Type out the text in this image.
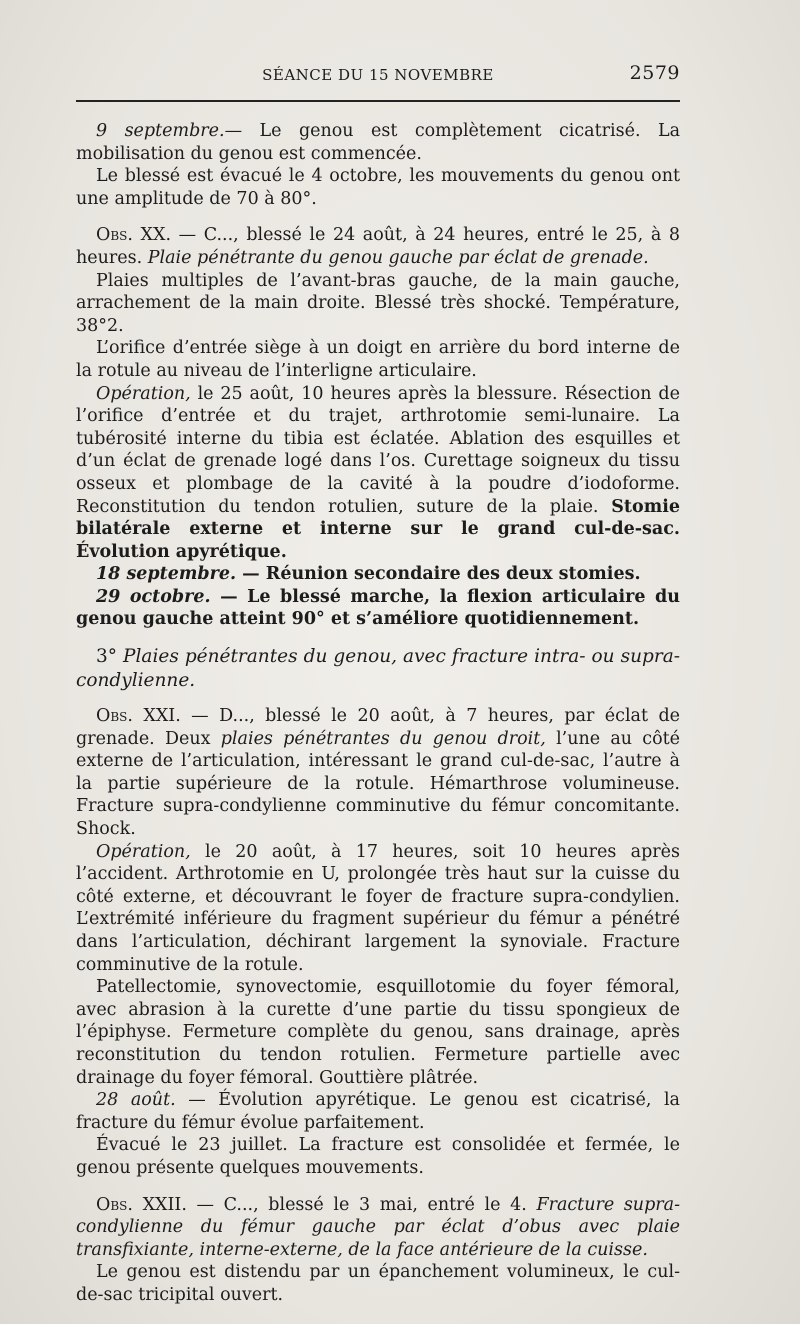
SÉANCE DU 15 NOVEMBRE	2579

9 septembre.— Le genou est complètement cicatrisé. La mobilisation du genou est commencée.

Le blessé est évacué le 4 octobre, les mouvements du genou ont une amplitude de 70 à 80°.

Obs. XX. — C..., blessé le 24 août, à 24 heures, entré le 25, à 8 heures. Plaie pénétrante du genou gauche par éclat de grenade.

Plaies multiples de l’avant-bras gauche, de la main gauche, arrachement de la main droite. Blessé très shocké. Température, 38°2.

L’orifice d’entrée siège à un doigt en arrière du bord interne de la rotule au niveau de l’interligne articulaire.

Opération, le 25 août, 10 heures après la blessure. Résection de l’orifice d’entrée et du trajet, arthrotomie semi-lunaire. La tubérosité interne du tibia est éclatée. Ablation des esquilles et d’un éclat de grenade logé dans l’os. Curettage soigneux du tissu osseux et plombage de la cavité à la poudre d’iodoforme. Reconstitution du tendon rotulien, suture de la plaie. Stomie bilatérale externe et interne sur le grand cul-de-sac. Évolution apyrétique.

18 septembre. — Réunion secondaire des deux stomies.

29 octobre. — Le blessé marche, la flexion articulaire du genou gauche atteint 90° et s’améliore quotidiennement.

3° Plaies pénétrantes du genou, avec fracture intra- ou supra-condylienne.

Obs. XXI. — D..., blessé le 20 août, à 7 heures, par éclat de grenade. Deux plaies pénétrantes du genou droit, l’une au côté externe de l’articulation, intéressant le grand cul-de-sac, l’autre à la partie supérieure de la rotule. Hémarthrose volumineuse. Fracture supra-condylienne comminutive du fémur concomitante. Shock.

Opération, le 20 août, à 17 heures, soit 10 heures après l’accident. Arthrotomie en U, prolongée très haut sur la cuisse du côté externe, et découvrant le foyer de fracture supra-condylien. L’extrémité inférieure du fragment supérieur du fémur a pénétré dans l’articulation, déchirant largement la synoviale. Fracture comminutive de la rotule.

Patellectomie, synovectomie, esquillotomie du foyer fémoral, avec abrasion à la curette d’une partie du tissu spongieux de l’épiphyse. Fermeture complète du genou, sans drainage, après reconstitution du tendon rotulien. Fermeture partielle avec drainage du foyer fémoral. Gouttière plâtrée.

28 août. — Évolution apyrétique. Le genou est cicatrisé, la fracture du fémur évolue parfaitement.

Évacué le 23 juillet. La fracture est consolidée et fermée, le genou présente quelques mouvements.

Obs. XXII. — C..., blessé le 3 mai, entré le 4. Fracture supra-condylienne du fémur gauche par éclat d’obus avec plaie transfixiante, interne-externe, de la face antérieure de la cuisse.

Le genou est distendu par un épanchement volumineux, le cul-de-sac tricipital ouvert.
